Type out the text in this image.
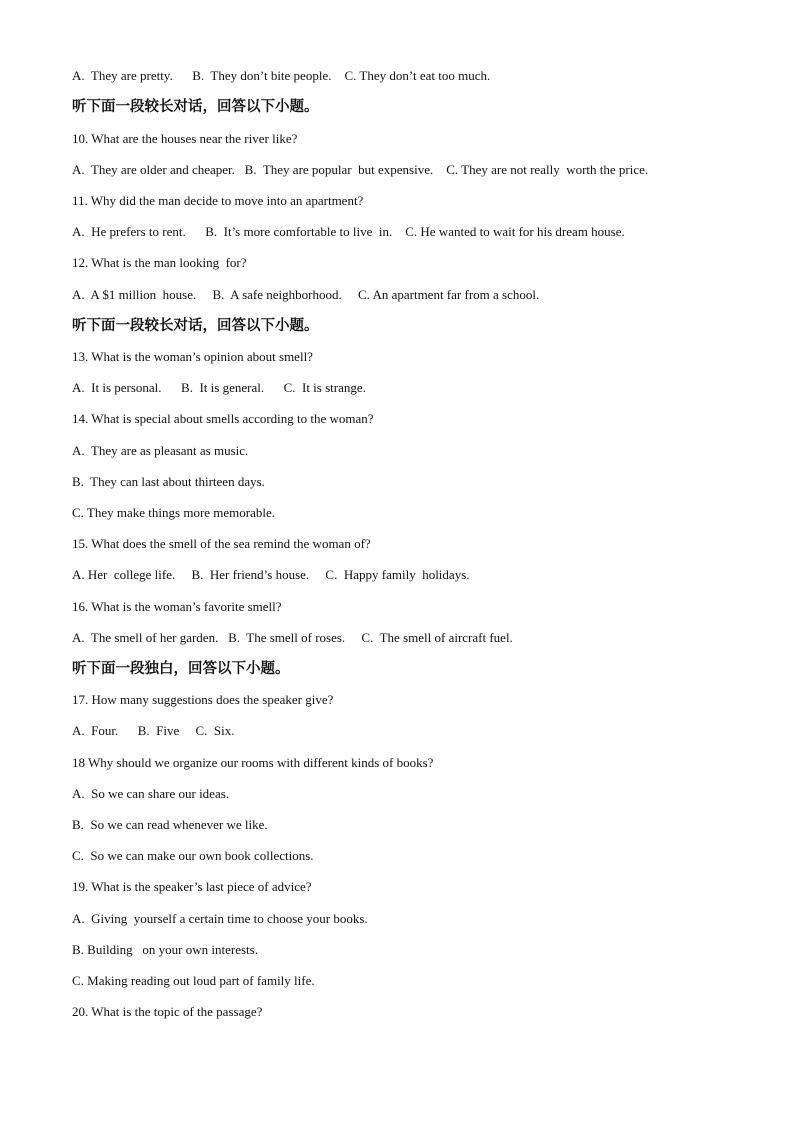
A.  They are pretty.      B.  They don’t bite people.    C. They don’t eat too much.
听下面一段较长对话，回答以下小题。
10. What are the houses near the river like?
A.  They are older and cheaper.   B.  They are popular  but expensive.    C. They are not really  worth the price.
11. Why did the man decide to move into an apartment?
A.  He prefers to rent.      B.  It’s more comfortable to live  in.    C. He wanted to wait for his dream house.
12. What is the man looking  for?
A.  A $1 million  house.     B.  A safe neighborhood.     C. An apartment far from a school.
听下面一段较长对话，回答以下小题。
13. What is the woman’s opinion about smell?
A.  It is personal.      B.  It is general.      C.  It is strange.
14. What is special about smells according to the woman?
A.  They are as pleasant as music.
B.  They can last about thirteen days.
C. They make things more memorable.
15. What does the smell of the sea remind the woman of?
A. Her  college life.     B.  Her friend’s house.     C.  Happy family  holidays.
16. What is the woman’s favorite smell?
A.  The smell of her garden.   B.  The smell of roses.     C.  The smell of aircraft fuel.
听下面一段独白，回答以下小题。
17. How many suggestions does the speaker give?
A.  Four.      B.  Five     C.  Six.
18 Why should we organize our rooms with different kinds of books?
A.  So we can share our ideas.
B.  So we can read whenever we like.
C.  So we can make our own book collections.
19. What is the speaker’s last piece of advice?
A.  Giving  yourself a certain time to choose your books.
B. Building   on your own interests.
C. Making reading out loud part of family life.
20. What is the topic of the passage?
